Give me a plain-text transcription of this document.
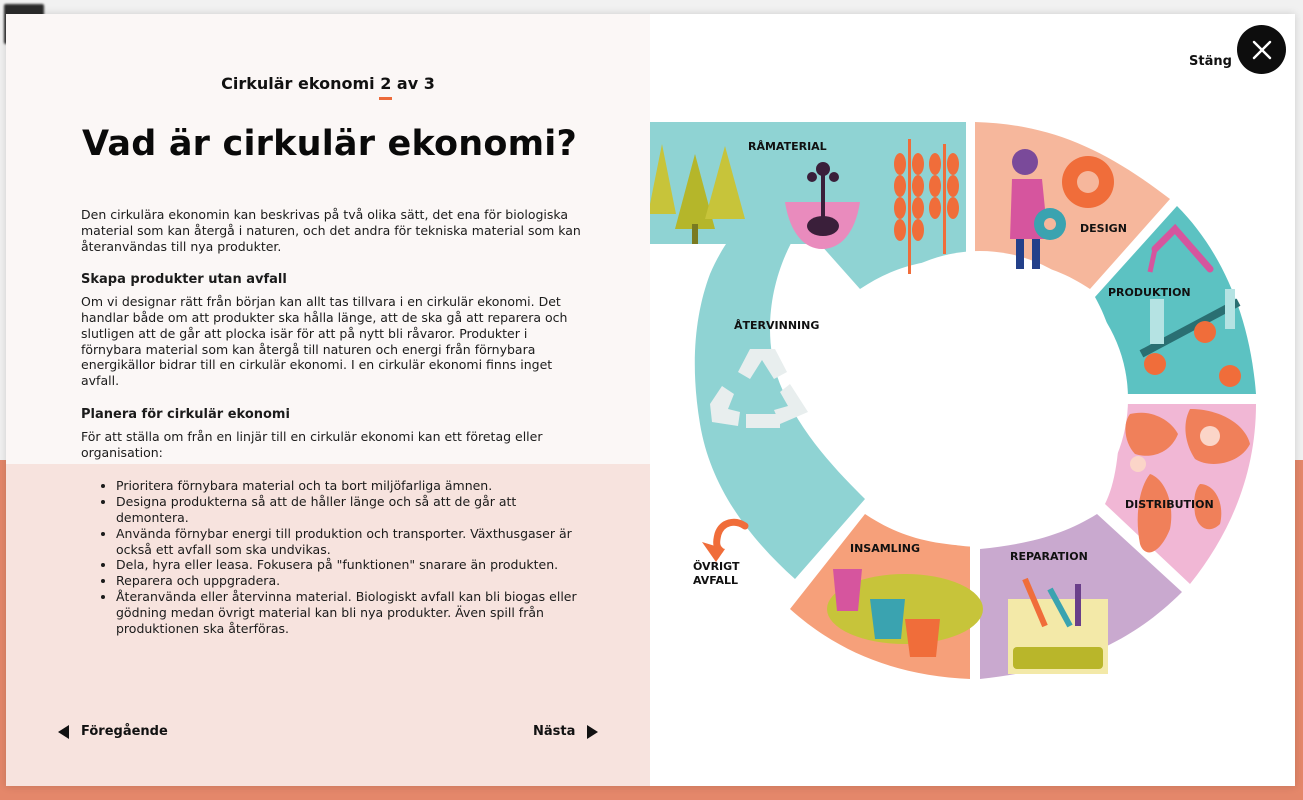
Cirkulär ekonomi 2 av 3
Vad är cirkulär ekonomi?

Den cirkulära ekonomin kan beskrivas på två olika sätt, det ena för biologiska material som kan återgå i naturen, och det andra för tekniska material som kan återanvändas till nya produkter.

Skapa produkter utan avfall

Om vi designar rätt från början kan allt tas tillvara i en cirkulär ekonomi. Det handlar både om att produkter ska hålla länge, att de ska gå att reparera och slutligen att de går att plocka isär för att på nytt bli råvaror. Produkter i förnybara material som kan återgå till naturen och energi från förnybara energikällor bidrar till en cirkulär ekonomi. I en cirkulär ekonomi finns inget avfall.

Planera för cirkulär ekonomi

För att ställa om från en linjär till en cirkulär ekonomi kan ett företag eller organisation:

• Prioritera förnybara material och ta bort miljöfarliga ämnen.
• Designa produkterna så att de håller länge och så att de går att demontera.
• Använda förnybar energi till produktion och transporter. Växthusgaser är också ett avfall som ska undvikas.
• Dela, hyra eller leasa. Fokusera på "funktionen" snarare än produkten.
• Reparera och uppgradera.
• Återanvända eller återvinna material. Biologiskt avfall kan bli biogas eller gödning medan övrigt material kan bli nya produkter. Även spill från produktionen ska återföras.
Föregående	Nästa
RÅMATERIAL
DESIGN
PRODUKTION
DISTRIBUTION
REPARATION
INSAMLING
ÅTERVINNING
ÖVRIGT
AVFALL
Stäng
